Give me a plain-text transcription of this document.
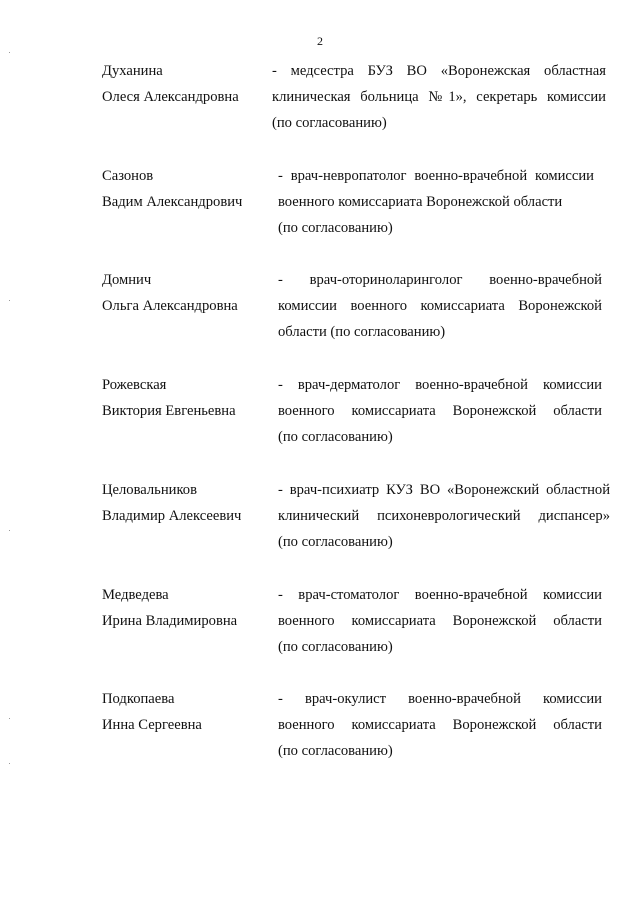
2
Духанина
Олеся Александровна
- медсестра БУЗ ВО «Воронежская областная
клиническая больница №1», секретарь комиссии
(по согласованию)
Сазонов
Вадим Александрович
- врач-невропатолог военно-врачебной комиссии
военного комиссариата Воронежской области
(по согласованию)
Домнич
Ольга Александровна
- врач-оториноларинголог военно-врачебной
комиссии военного комиссариата Воронежской
области (по согласованию)
Рожевская
Виктория Евгеньевна
- врач-дерматолог военно-врачебной комиссии
военного комиссариата Воронежской области
(по согласованию)
Целовальников
Владимир Алексеевич
- врач-психиатр КУЗ ВО «Воронежский областной
клинический психоневрологический диспансер»
(по согласованию)
Медведева
Ирина Владимировна
- врач-стоматолог военно-врачебной комиссии
военного комиссариата Воронежской области
(по согласованию)
Подкопаева
Инна Сергеевна
- врач-окулист военно-врачебной комиссии
военного комиссариата Воронежской области
(по согласованию)
